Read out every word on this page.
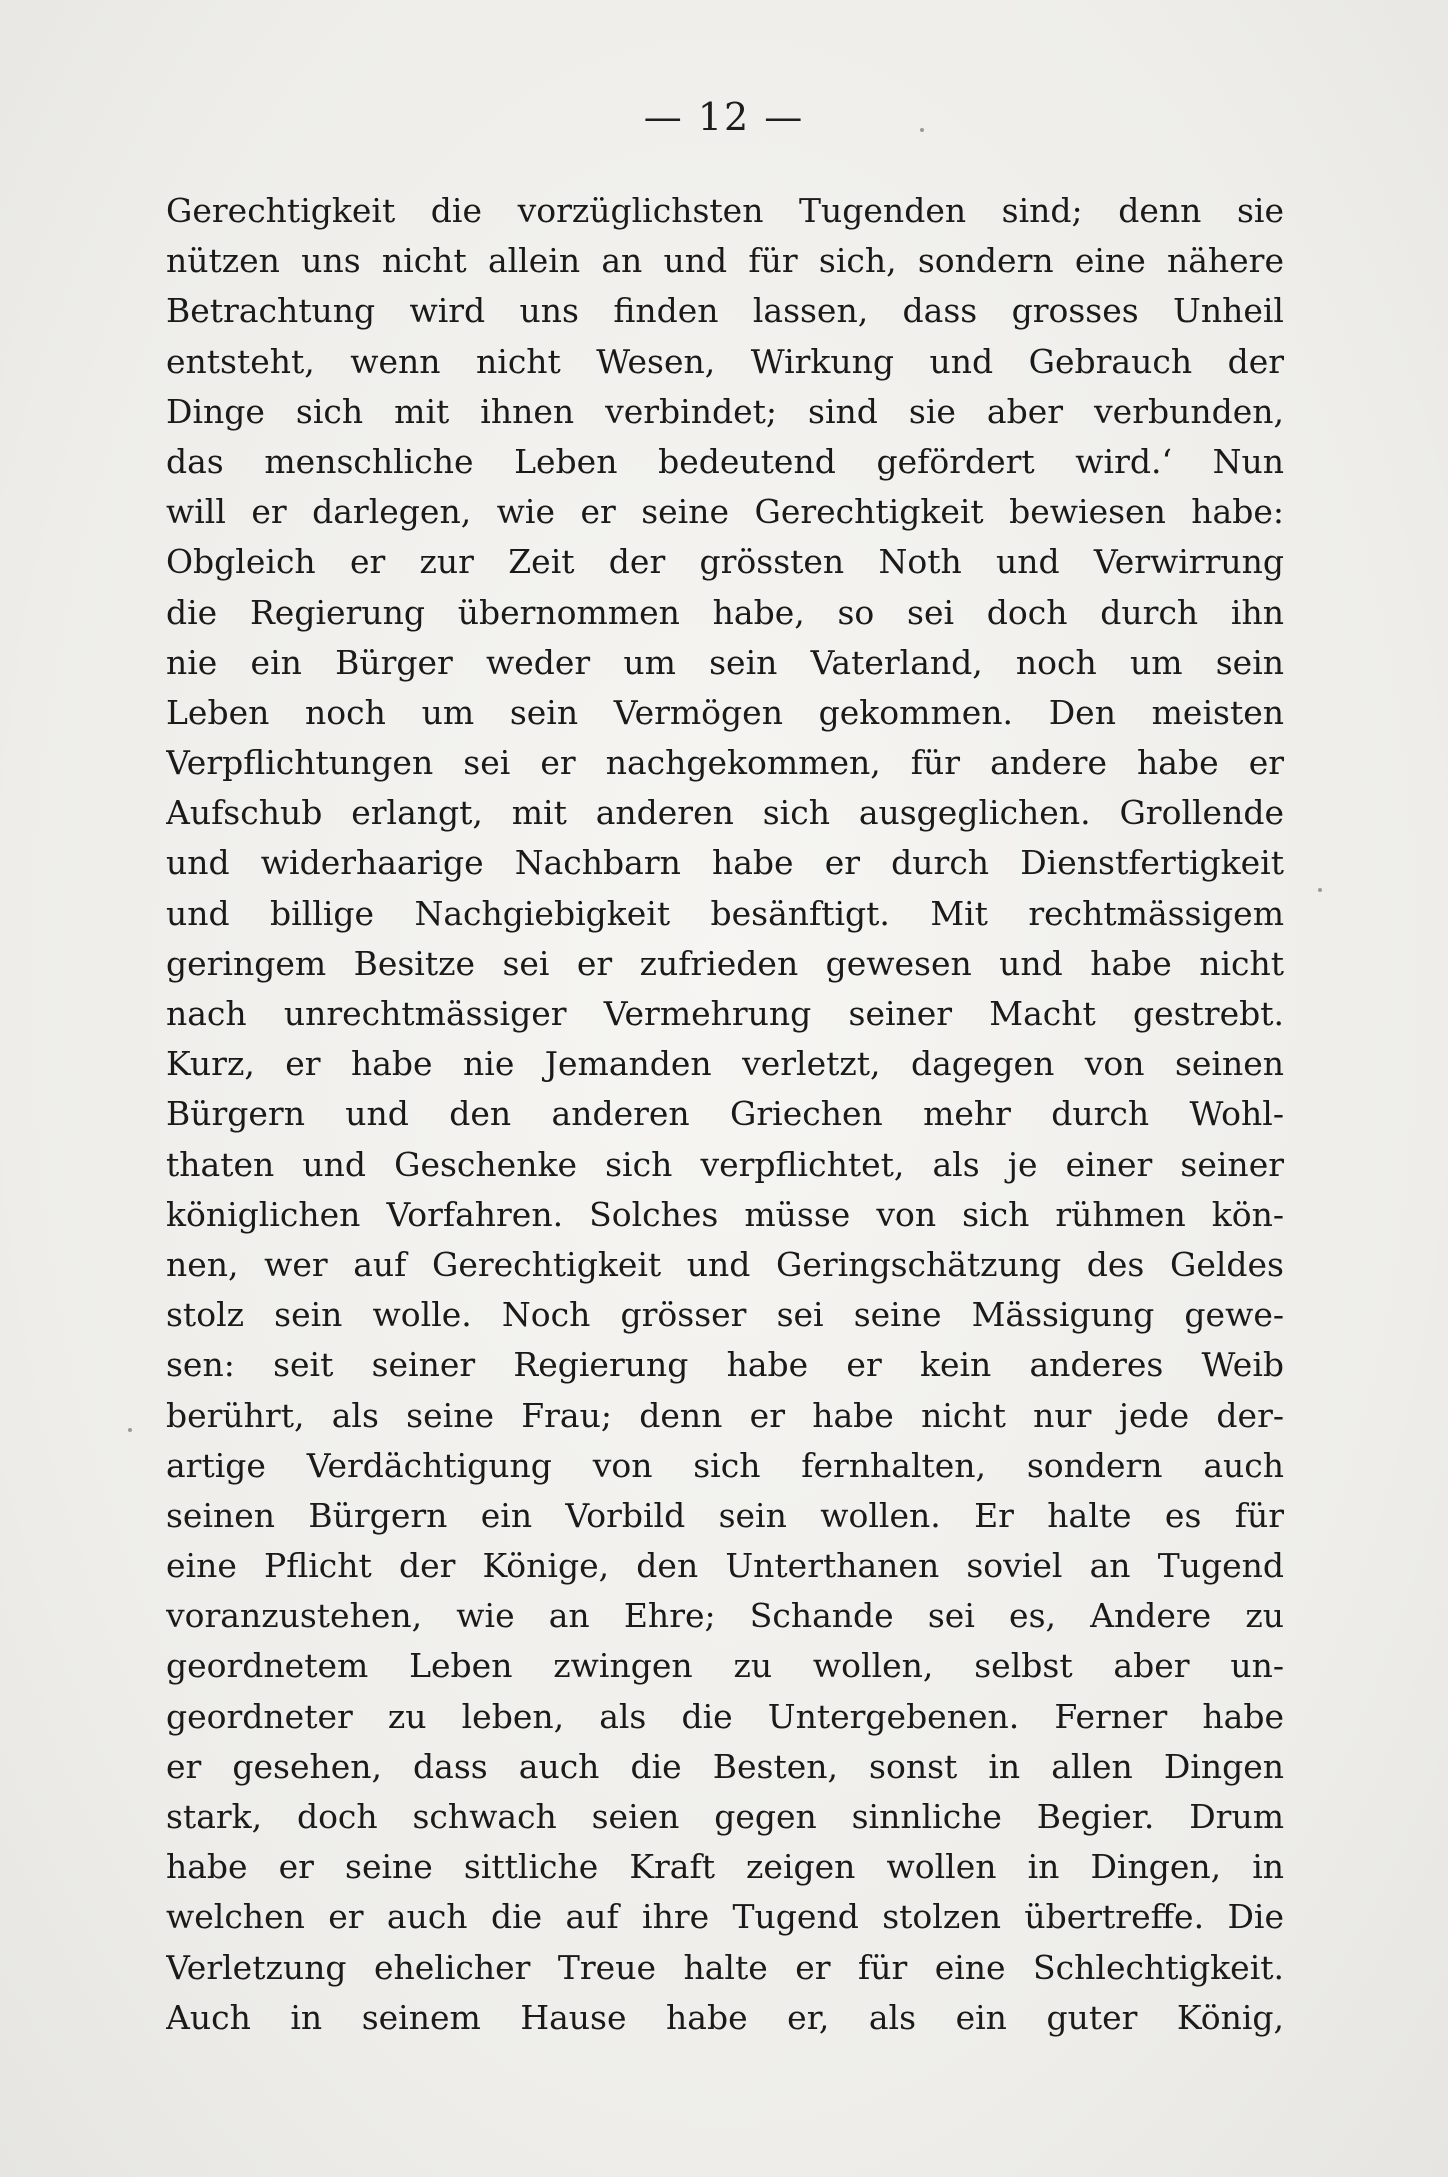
— 12 —
Gerechtigkeit die vorzüglichsten Tugenden sind; denn sie
nützen uns nicht allein an und für sich, sondern eine nähere
Betrachtung wird uns finden lassen, dass grosses Unheil
entsteht, wenn nicht Wesen, Wirkung und Gebrauch der
Dinge sich mit ihnen verbindet; sind sie aber verbunden,
das menschliche Leben bedeutend gefördert wird.‘ Nun
will er darlegen, wie er seine Gerechtigkeit bewiesen habe:
Obgleich er zur Zeit der grössten Noth und Verwirrung
die Regierung übernommen habe, so sei doch durch ihn
nie ein Bürger weder um sein Vaterland, noch um sein
Leben noch um sein Vermögen gekommen. Den meisten
Verpflichtungen sei er nachgekommen, für andere habe er
Aufschub erlangt, mit anderen sich ausgeglichen. Grollende
und widerhaarige Nachbarn habe er durch Dienstfertigkeit
und billige Nachgiebigkeit besänftigt. Mit rechtmässigem
geringem Besitze sei er zufrieden gewesen und habe nicht
nach unrechtmässiger Vermehrung seiner Macht gestrebt.
Kurz, er habe nie Jemanden verletzt, dagegen von seinen
Bürgern und den anderen Griechen mehr durch Wohl-
thaten und Geschenke sich verpflichtet, als je einer seiner
königlichen Vorfahren. Solches müsse von sich rühmen kön-
nen, wer auf Gerechtigkeit und Geringschätzung des Geldes
stolz sein wolle. Noch grösser sei seine Mässigung gewe-
sen: seit seiner Regierung habe er kein anderes Weib
berührt, als seine Frau; denn er habe nicht nur jede der-
artige Verdächtigung von sich fernhalten, sondern auch
seinen Bürgern ein Vorbild sein wollen. Er halte es für
eine Pflicht der Könige, den Unterthanen soviel an Tugend
voranzustehen, wie an Ehre; Schande sei es, Andere zu
geordnetem Leben zwingen zu wollen, selbst aber un-
geordneter zu leben, als die Untergebenen. Ferner habe
er gesehen, dass auch die Besten, sonst in allen Dingen
stark, doch schwach seien gegen sinnliche Begier. Drum
habe er seine sittliche Kraft zeigen wollen in Dingen, in
welchen er auch die auf ihre Tugend stolzen übertreffe. Die
Verletzung ehelicher Treue halte er für eine Schlechtigkeit.
Auch in seinem Hause habe er, als ein guter König,
